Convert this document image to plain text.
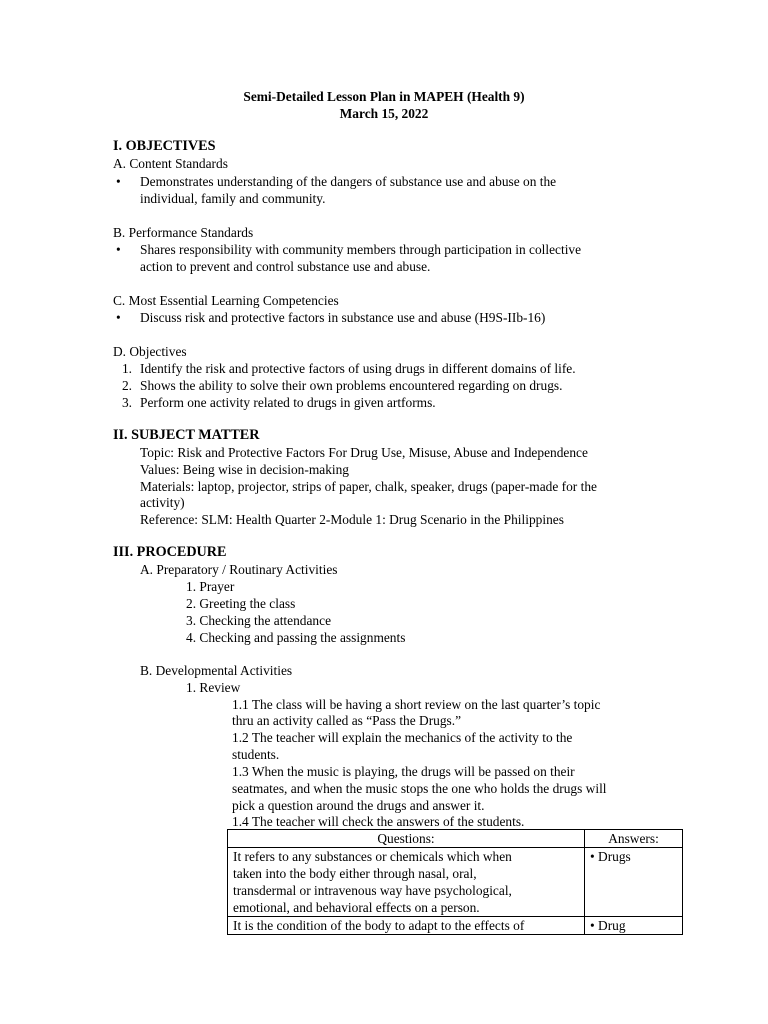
Semi-Detailed Lesson Plan in MAPEH (Health 9)
March 15, 2022
I. OBJECTIVES
A. Content Standards
• Demonstrates understanding of the dangers of substance use and abuse on the
individual, family and community.
B. Performance Standards
• Shares responsibility with community members through participation in collective
action to prevent and control substance use and abuse.
C. Most Essential Learning Competencies
• Discuss risk and protective factors in substance use and abuse (H9S-IIb-16)
D. Objectives
1. Identify the risk and protective factors of using drugs in different domains of life.
2. Shows the ability to solve their own problems encountered regarding on drugs.
3. Perform one activity related to drugs in given artforms.
II. SUBJECT MATTER
Topic: Risk and Protective Factors For Drug Use, Misuse, Abuse and Independence
Values: Being wise in decision-making
Materials: laptop, projector, strips of paper, chalk, speaker, drugs (paper-made for the
activity)
Reference: SLM: Health Quarter 2-Module 1: Drug Scenario in the Philippines
III. PROCEDURE
A. Preparatory / Routinary Activities
1. Prayer
2. Greeting the class
3. Checking the attendance
4. Checking and passing the assignments
B. Developmental Activities
1. Review
1.1 The class will be having a short review on the last quarter’s topic
thru an activity called as “Pass the Drugs.”
1.2 The teacher will explain the mechanics of the activity to the
students.
1.3 When the music is playing, the drugs will be passed on their
seatmates, and when the music stops the one who holds the drugs will
pick a question around the drugs and answer it.
1.4 The teacher will check the answers of the students.
Questions:	Answers:

It refers to any substances or chemicals which when
taken into the body either through nasal, oral,
transdermal or intravenous way have psychological,
emotional, and behavioral effects on a person.	• Drugs

It is the condition of the body to adapt to the effects of	• Drug
